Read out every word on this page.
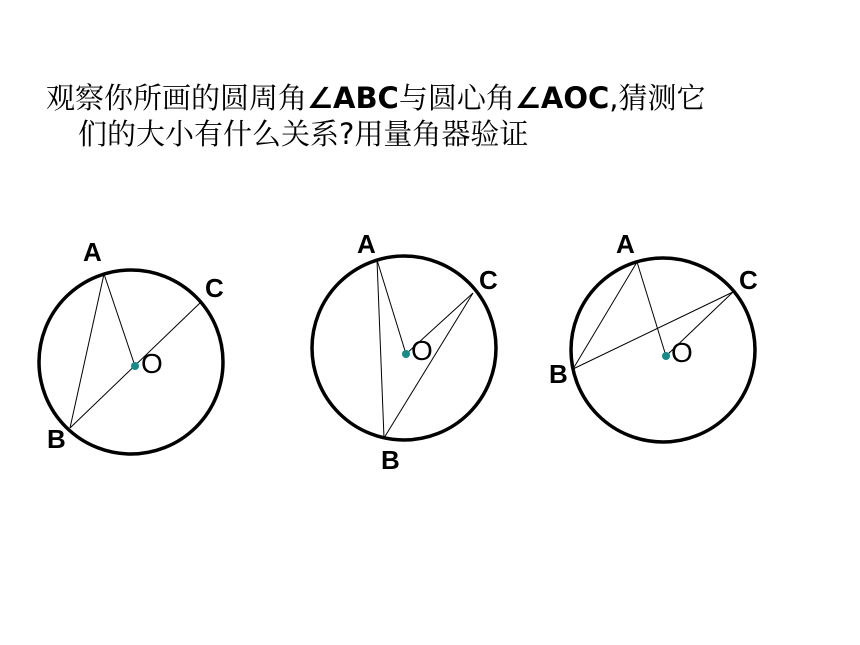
观察你所画的圆周角∠ABC与圆心角∠AOC,猜测它
们的大小有什么关系?用量角器验证
A
C
B
O
A
C
B
O
A
C
B
O
